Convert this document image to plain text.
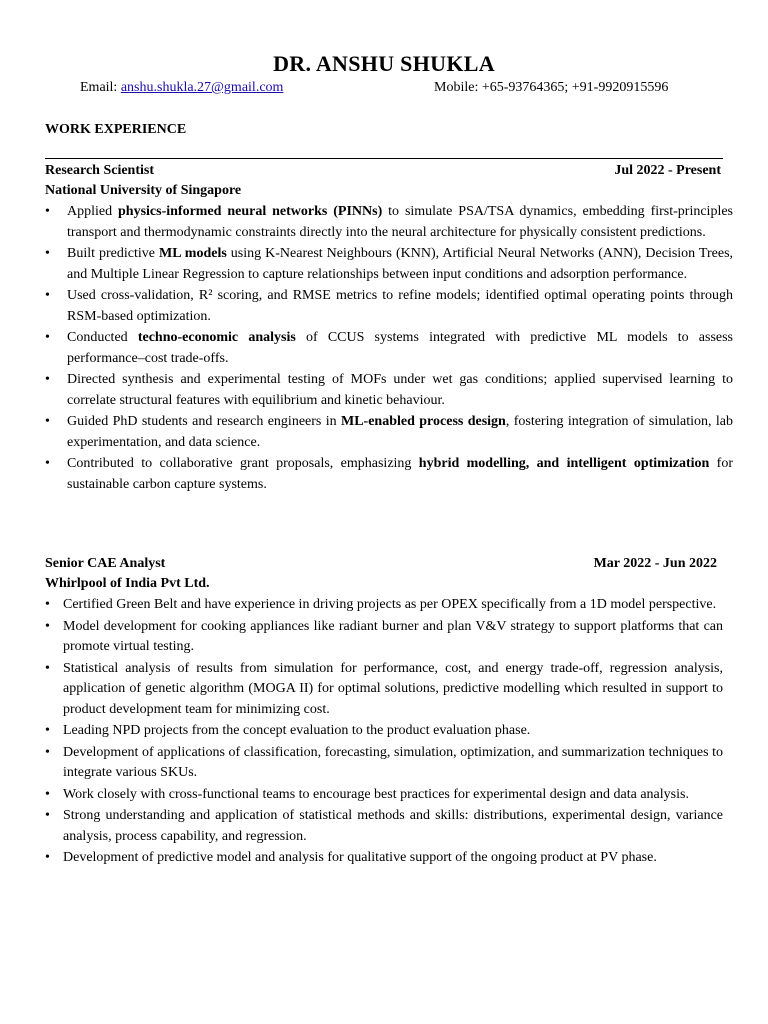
DR. ANSHU SHUKLA
Email: anshu.shukla.27@gmail.com	Mobile: +65-93764365; +91-9920915596
WORK EXPERIENCE
Research Scientist	Jul 2022 - Present
National University of Singapore
• Applied physics-informed neural networks (PINNs) to simulate PSA/TSA dynamics, embedding first-principles transport and thermodynamic constraints directly into the neural architecture for physically consistent predictions.
• Built predictive ML models using K-Nearest Neighbours (KNN), Artificial Neural Networks (ANN), Decision Trees, and Multiple Linear Regression to capture relationships between input conditions and adsorption performance.
• Used cross-validation, R² scoring, and RMSE metrics to refine models; identified optimal operating points through RSM-based optimization.
• Conducted techno-economic analysis of CCUS systems integrated with predictive ML models to assess performance–cost trade-offs.
• Directed synthesis and experimental testing of MOFs under wet gas conditions; applied supervised learning to correlate structural features with equilibrium and kinetic behaviour.
• Guided PhD students and research engineers in ML-enabled process design, fostering integration of simulation, lab experimentation, and data science.
• Contributed to collaborative grant proposals, emphasizing hybrid modelling, and intelligent optimization for sustainable carbon capture systems.
Senior CAE Analyst	Mar 2022 - Jun 2022
Whirlpool of India Pvt Ltd.
• Certified Green Belt and have experience in driving projects as per OPEX specifically from a 1D model perspective.
• Model development for cooking appliances like radiant burner and plan V&V strategy to support platforms that can promote virtual testing.
• Statistical analysis of results from simulation for performance, cost, and energy trade-off, regression analysis, application of genetic algorithm (MOGA II) for optimal solutions, predictive modelling which resulted in support to product development team for minimizing cost.
• Leading NPD projects from the concept evaluation to the product evaluation phase.
• Development of applications of classification, forecasting, simulation, optimization, and summarization techniques to integrate various SKUs.
• Work closely with cross-functional teams to encourage best practices for experimental design and data analysis.
• Strong understanding and application of statistical methods and skills: distributions, experimental design, variance analysis, process capability, and regression.
• Development of predictive model and analysis for qualitative support of the ongoing product at PV phase.
